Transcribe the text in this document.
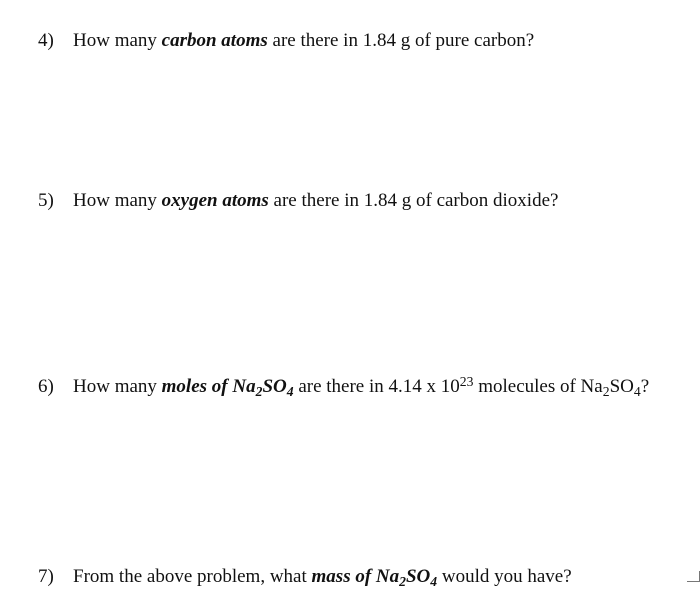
4) How many carbon atoms are there in 1.84 g of pure carbon?
5) How many oxygen atoms are there in 1.84 g of carbon dioxide?
6) How many moles of $Na_2SO_4$ are there in 4.14 x $10^{23}$ molecules of $Na_2SO_4$?
7) From the above problem, what mass of $Na_2SO_4$ would you have?
